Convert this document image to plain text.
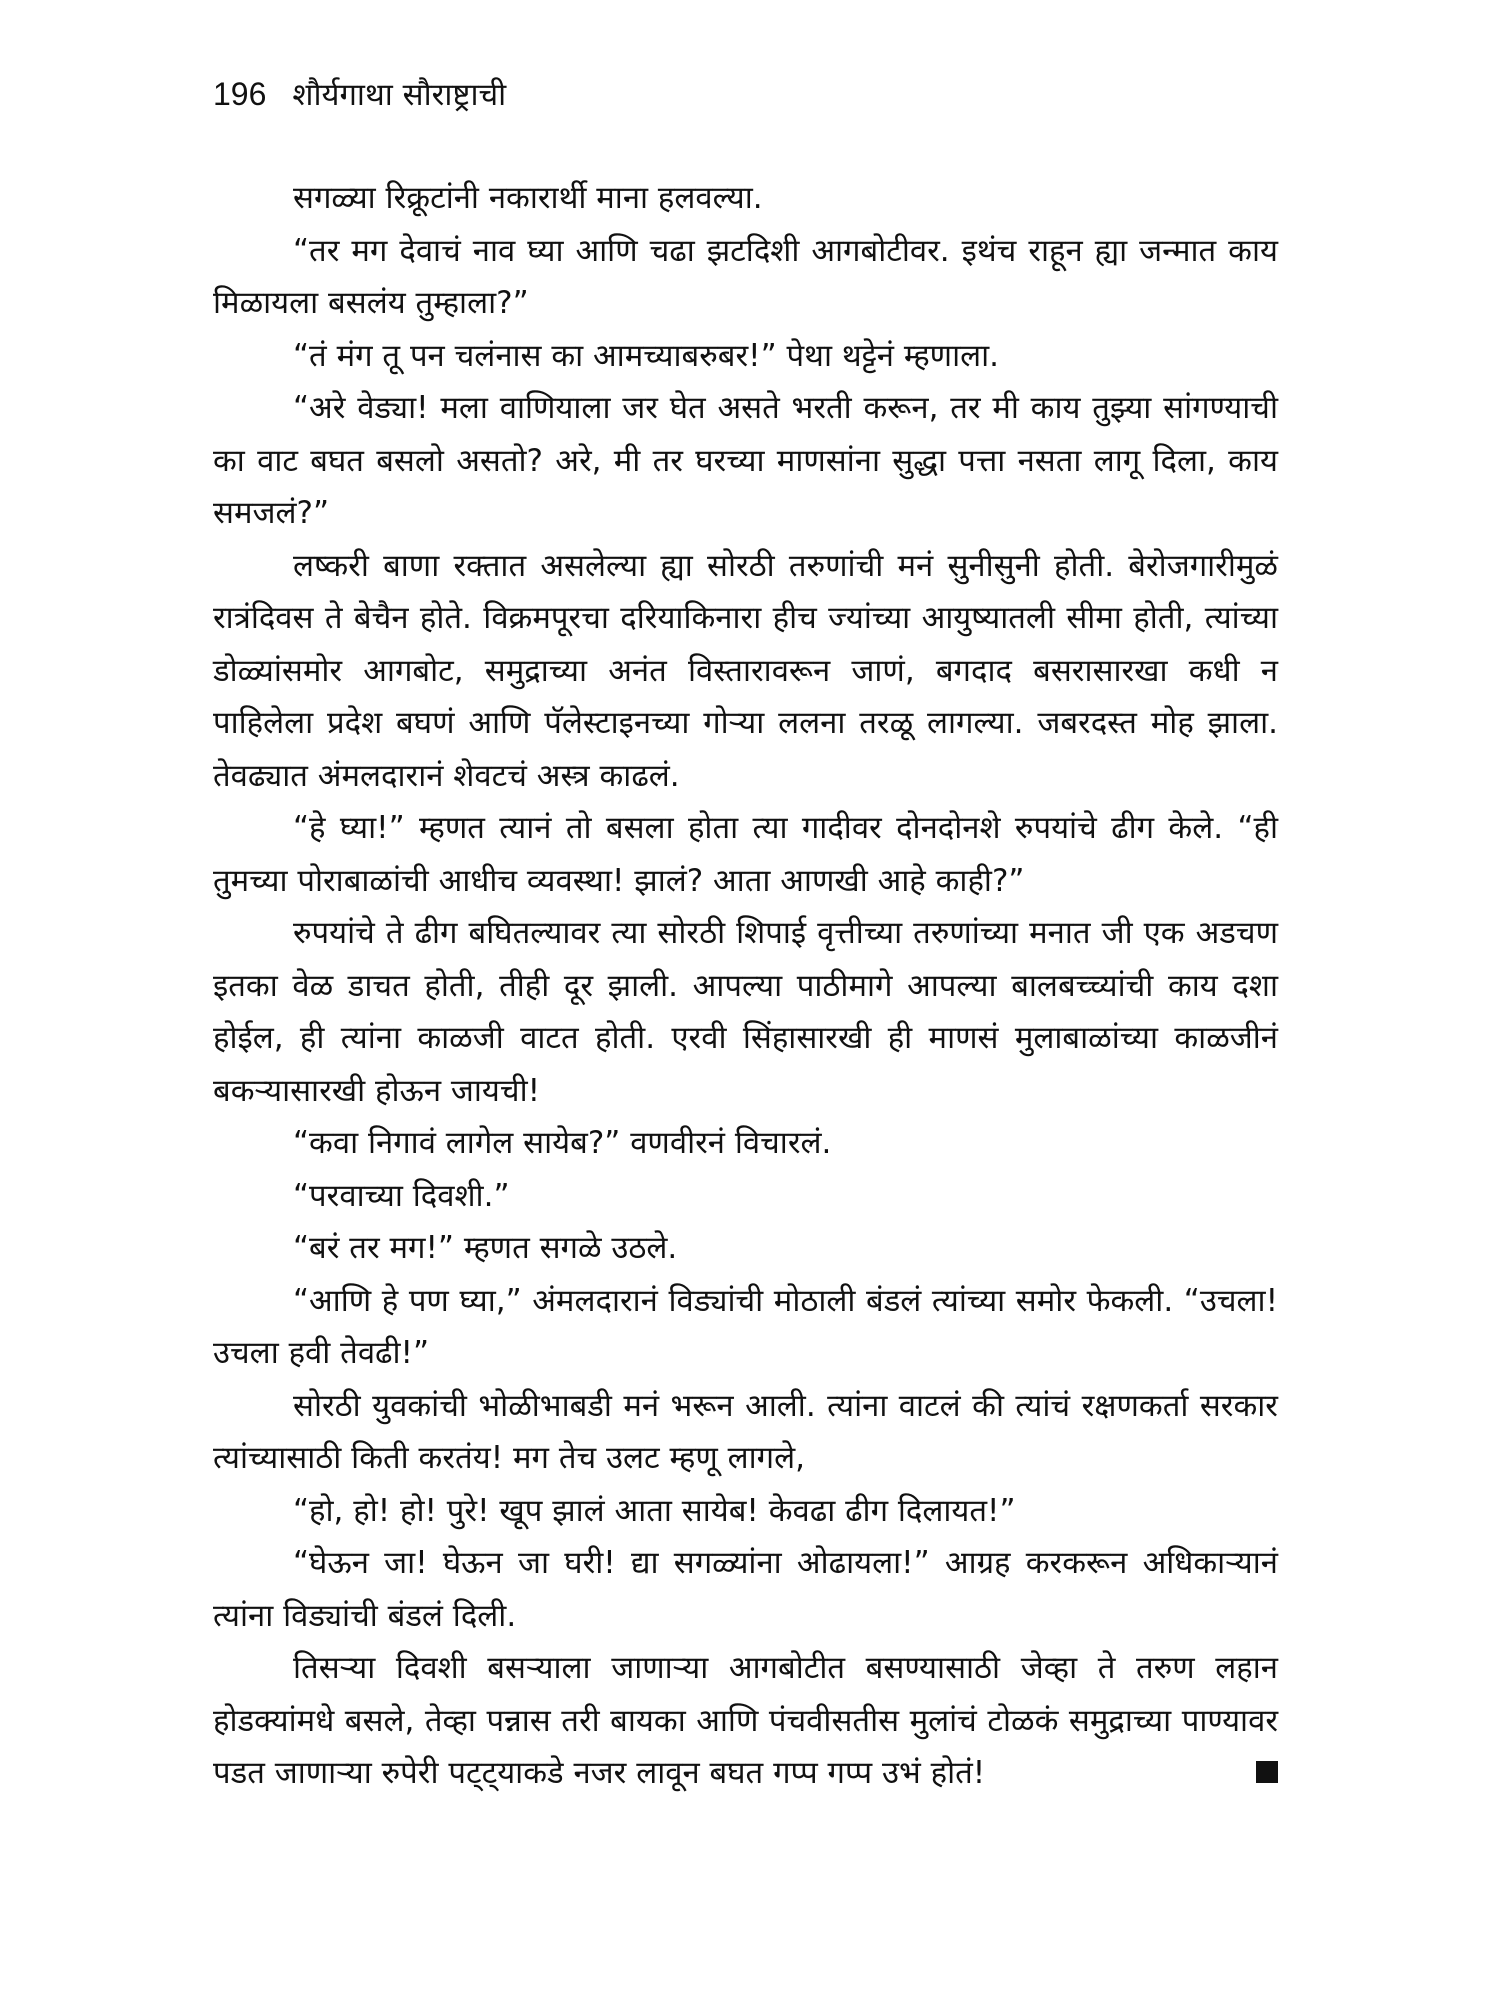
196 शौर्यगाथा सौराष्ट्राची

सगळ्या रिक्रूटांनी नकारार्थी माना हलवल्या.

“तर मग देवाचं नाव घ्या आणि चढा झटदिशी आगबोटीवर. इथंच राहून ह्या जन्मात काय मिळायला बसलंय तुम्हाला?”

“तं मंग तू पन चलंनास का आमच्याबरुबर!” पेथा थट्टेनं म्हणाला.

“अरे वेड्या! मला वाणियाला जर घेत असते भरती करून, तर मी काय तुझ्या सांगण्याची का वाट बघत बसलो असतो? अरे, मी तर घरच्या माणसांना सुद्धा पत्ता नसता लागू दिला, काय समजलं?”

लष्करी बाणा रक्तात असलेल्या ह्या सोरठी तरुणांची मनं सुनीसुनी होती. बेरोजगारीमुळं रात्रंदिवस ते बेचैन होते. विक्रमपूरचा दरियाकिनारा हीच ज्यांच्या आयुष्यातली सीमा होती, त्यांच्या डोळ्यांसमोर आगबोट, समुद्राच्या अनंत विस्तारावरून जाणं, बगदाद बसरासारखा कधी न पाहिलेला प्रदेश बघणं आणि पॅलेस्टाइनच्या गोऱ्या ललना तरळू लागल्या. जबरदस्त मोह झाला. तेवढ्यात अंमलदारानं शेवटचं अस्त्र काढलं.

“हे घ्या!” म्हणत त्यानं तो बसला होता त्या गादीवर दोनदोनशे रुपयांचे ढीग केले. “ही तुमच्या पोराबाळांची आधीच व्यवस्था! झालं? आता आणखी आहे काही?”

रुपयांचे ते ढीग बघितल्यावर त्या सोरठी शिपाई वृत्तीच्या तरुणांच्या मनात जी एक अडचण इतका वेळ डाचत होती, तीही दूर झाली. आपल्या पाठीमागे आपल्या बालबच्च्यांची काय दशा होईल, ही त्यांना काळजी वाटत होती. एरवी सिंहासारखी ही माणसं मुलाबाळांच्या काळजीनं बकऱ्यासारखी होऊन जायची!

“कवा निगावं लागेल सायेब?” वणवीरनं विचारलं.

“परवाच्या दिवशी.”

“बरं तर मग!” म्हणत सगळे उठले.

“आणि हे पण घ्या,” अंमलदारानं विड्यांची मोठाली बंडलं त्यांच्या समोर फेकली. “उचला! उचला हवी तेवढी!”

सोरठी युवकांची भोळीभाबडी मनं भरून आली. त्यांना वाटलं की त्यांचं रक्षणकर्ता सरकार त्यांच्यासाठी किती करतंय! मग तेच उलट म्हणू लागले,

“हो, हो! हो! पुरे! खूप झालं आता सायेब! केवढा ढीग दिलायत!”

“घेऊन जा! घेऊन जा घरी! द्या सगळ्यांना ओढायला!” आग्रह करकरून अधिकाऱ्यानं त्यांना विड्यांची बंडलं दिली.

तिसऱ्या दिवशी बसऱ्याला जाणाऱ्या आगबोटीत बसण्यासाठी जेव्हा ते तरुण लहान होडक्यांमधे बसले, तेव्हा पन्नास तरी बायका आणि पंचवीसतीस मुलांचं टोळकं समुद्राच्या पाण्यावर पडत जाणाऱ्या रुपेरी पट्ट्याकडे नजर लावून बघत गप्प गप्प उभं होतं!
